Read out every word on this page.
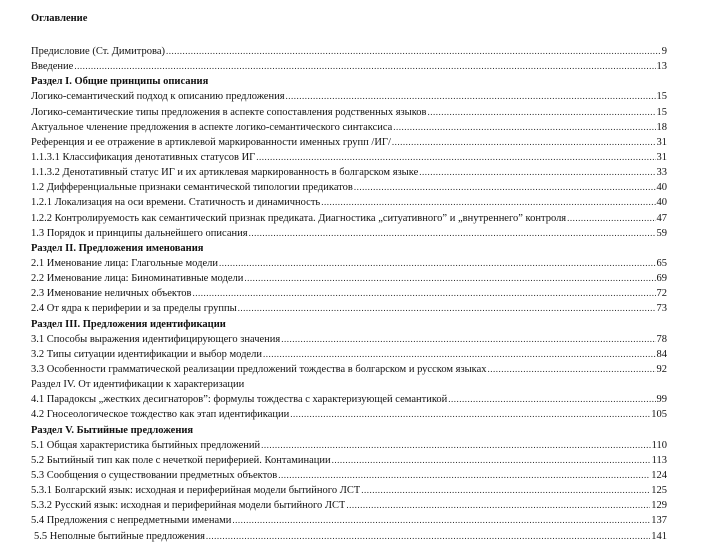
Оглавление
Предисловие (Ст. Димитрова) .....	9
Введение .....	13
Раздел I. Общие принципы описания
Логико-семантический подход к описанию предложения .....	15
Логико-семантические типы предложения в аспекте сопоставления родственных языков .....	15
Актуальное членение предложения в аспекте логико-семантического синтаксиса .....	18
Референция и ее отражение в артиклевой маркированности именных групп /ИГ/ .....	31
1.1.3.1 Классификация денотативных статусов ИГ .....	31
1.1.3.2 Денотативный статус ИГ и их артиклевая маркированность в болгарском языке .....	33
1.2 Дифференциальные признаки семантической типологии предикатов .....	40
1.2.1 Локализация на оси времени. Статичность и динамичность .....	40
1.2.2 Контролируемость как семантический признак предиката. Диагностика „ситуативного” и „внутреннего” контроля .....	47
1.3 Порядок и принципы дальнейшего описания .....	59
Раздел II. Предложения именования
2.1 Именование лица: Глагольные модели .....	65
2.2 Именование лица: Биноминативные модели .....	69
2.3 Именование неличных объектов .....	72
2.4 От ядра к периферии и за пределы группы .....	73
Раздел III. Предложения идентификации
3.1 Способы выражения идентифицирующего значения .....	78
3.2 Типы ситуации идентификации и выбор модели .....	84
3.3 Особенности грамматической реализации предложений тождества в болгарском и русском языках .....	92
Раздел IV. От идентификации к характеризации
4.1 Парадоксы „жестких десигнаторов”: формулы тождества с характеризующей семантикой .....	99
4.2 Гносеологическое тождество как этап идентификации .....	105
Раздел V. Бытийные предложения
5.1 Общая характеристика бытийных предложений .....	110
5.2 Бытийный тип как поле с нечеткой периферией. Контаминации .....	113
5.3 Сообщения о существовании предметных объектов .....	124
5.3.1 Болгарский язык: исходная и периферийная модели бытийного ЛСТ .....	125
5.3.2 Русский язык: исходная и периферийная модели бытийного ЛСТ .....	129
5.4 Предложения с непредметными именами .....	137
5.5 Неполные бытийные предложения .....	141
